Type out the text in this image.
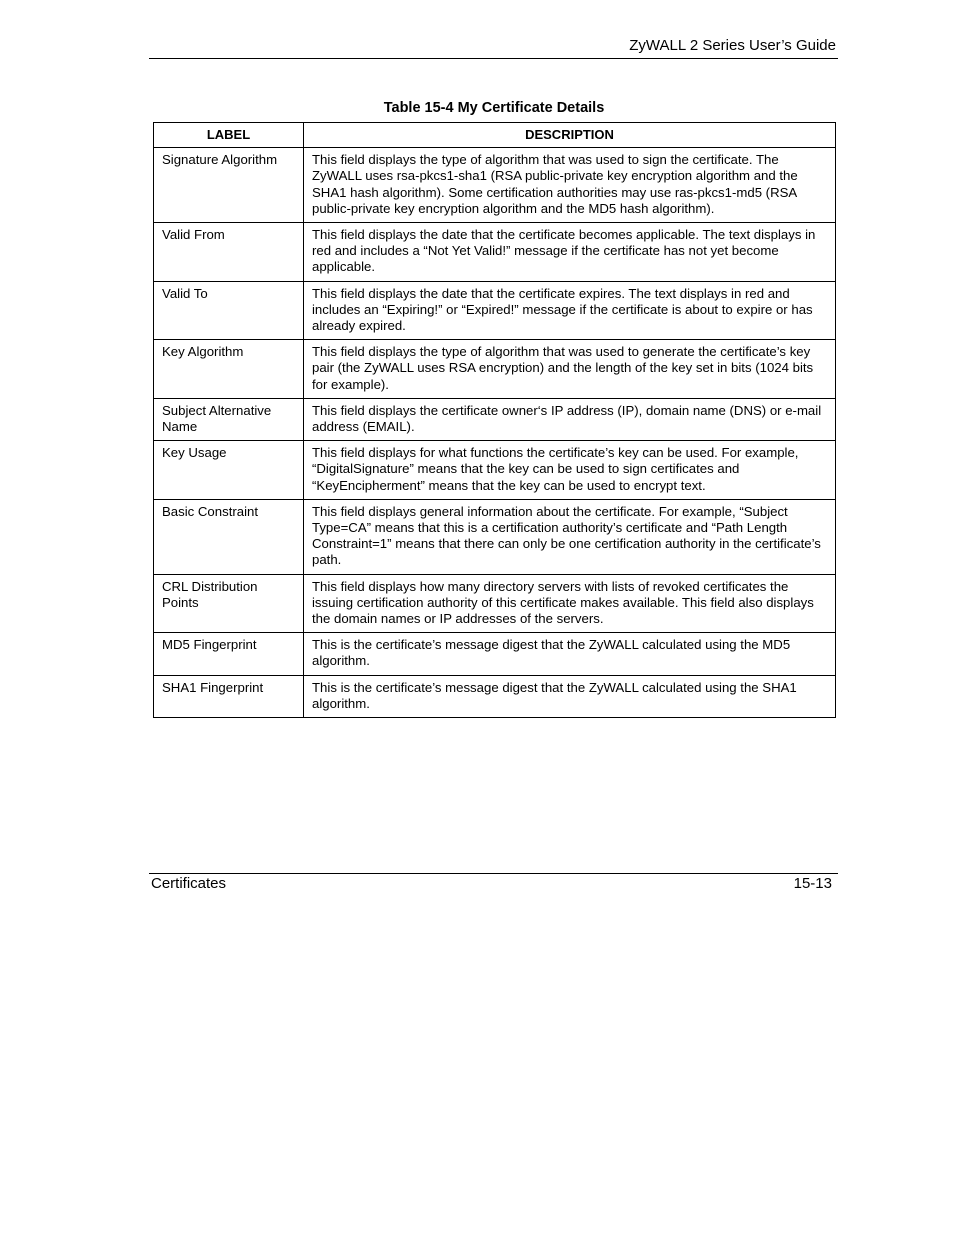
ZyWALL 2 Series User’s Guide
Table 15-4 My Certificate Details
LABEL	DESCRIPTION
Signature Algorithm	This field displays the type of algorithm that was used to sign the certificate. The ZyWALL uses rsa-pkcs1-sha1 (RSA public-private key encryption algorithm and the SHA1 hash algorithm). Some certification authorities may use ras-pkcs1-md5 (RSA public-private key encryption algorithm and the MD5 hash algorithm).
Valid From	This field displays the date that the certificate becomes applicable. The text displays in red and includes a “Not Yet Valid!” message if the certificate has not yet become applicable.
Valid To	This field displays the date that the certificate expires. The text displays in red and includes an “Expiring!” or “Expired!” message if the certificate is about to expire or has already expired.
Key Algorithm	This field displays the type of algorithm that was used to generate the certificate’s key pair (the ZyWALL uses RSA encryption) and the length of the key set in bits (1024 bits for example).
Subject Alternative Name	This field displays the certificate owner‘s IP address (IP), domain name (DNS) or e-mail address (EMAIL).
Key Usage	This field displays for what functions the certificate’s key can be used. For example, “DigitalSignature” means that the key can be used to sign certificates and “KeyEncipherment” means that the key can be used to encrypt text.
Basic Constraint	This field displays general information about the certificate. For example, “Subject Type=CA” means that this is a certification authority’s certificate and “Path Length Constraint=1” means that there can only be one certification authority in the certificate’s path.
CRL Distribution Points	This field displays how many directory servers with lists of revoked certificates the issuing certification authority of this certificate makes available. This field also displays the domain names or IP addresses of the servers.
MD5 Fingerprint	This is the certificate’s message digest that the ZyWALL calculated using the MD5 algorithm.
SHA1 Fingerprint	This is the certificate’s message digest that the ZyWALL calculated using the SHA1 algorithm.
Certificates	15-13
